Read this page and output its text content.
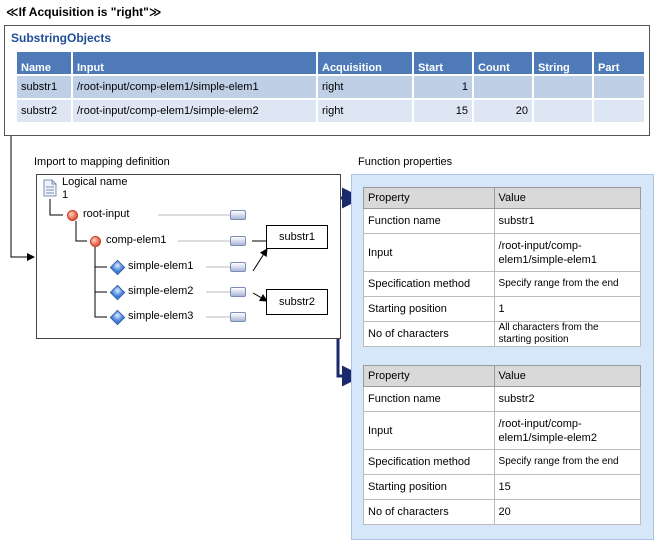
≪If Acquisition is "right"≫
SubstringObjects
Name	Input	Acquisition	Start	Count	String	Part
substr1	/root-input/comp-elem1/simple-elem1	right	1			
substr2	/root-input/comp-elem1/simple-elem2	right	15	20		
Import to mapping definition	Function properties
Logical name
1
root-input
comp-elem1
simple-elem1
simple-elem2
simple-elem3
substr1
substr2
Property	Value
Function name	substr1
Input	/root-input/comp-
elem1/simple-elem1
Specification method	Specify range from the end
Starting position	1
No of characters	All characters from the
starting position
Property	Value
Function name	substr2
Input	/root-input/comp-
elem1/simple-elem2
Specification method	Specify range from the end
Starting position	15
No of characters	20
